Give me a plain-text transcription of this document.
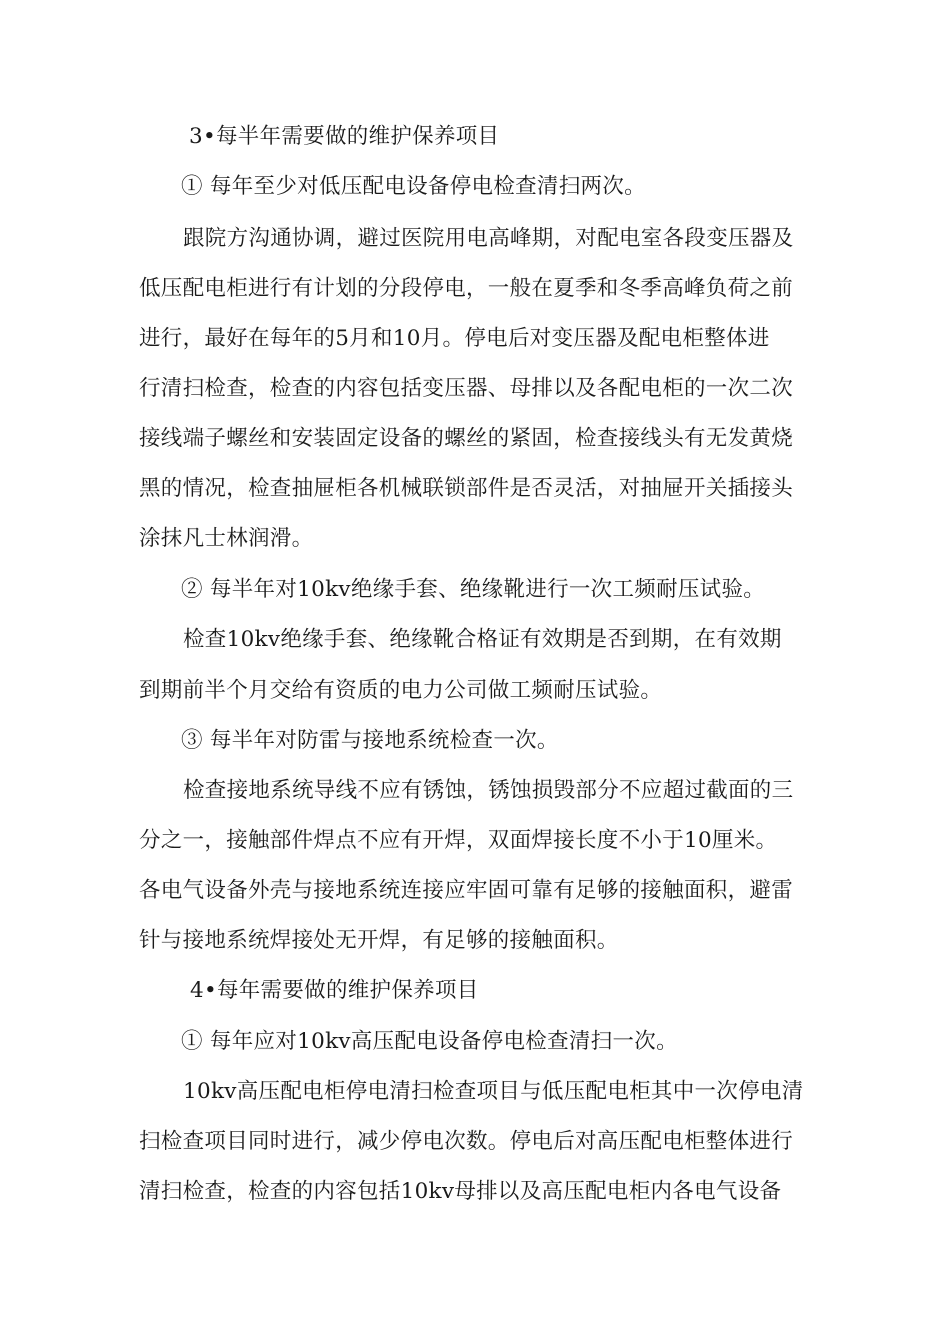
3•每半年需要做的维护保养项目
① 每年至少对低压配电设备停电检查清扫两次。
跟院方沟通协调，避过医院用电高峰期，对配电室各段变压器及
低压配电柜进行有计划的分段停电，一般在夏季和冬季高峰负荷之前
进行，最好在每年的5月和10月。停电后对变压器及配电柜整体进
行清扫检查，检查的内容包括变压器、母排以及各配电柜的一次二次
接线端子螺丝和安装固定设备的螺丝的紧固，检查接线头有无发黄烧
黑的情况，检查抽屉柜各机械联锁部件是否灵活，对抽屉开关插接头
涂抹凡士林润滑。
② 每半年对10kv绝缘手套、绝缘靴进行一次工频耐压试验。
检查10kv绝缘手套、绝缘靴合格证有效期是否到期，在有效期
到期前半个月交给有资质的电力公司做工频耐压试验。
③ 每半年对防雷与接地系统检查一次。
检查接地系统导线不应有锈蚀，锈蚀损毁部分不应超过截面的三
分之一，接触部件焊点不应有开焊，双面焊接长度不小于10厘米。
各电气设备外壳与接地系统连接应牢固可靠有足够的接触面积，避雷
针与接地系统焊接处无开焊，有足够的接触面积。
4•每年需要做的维护保养项目
① 每年应对10kv高压配电设备停电检查清扫一次。
10kv高压配电柜停电清扫检查项目与低压配电柜其中一次停电清
扫检查项目同时进行，减少停电次数。停电后对高压配电柜整体进行
清扫检查，检查的内容包括10kv母排以及高压配电柜内各电气设备
